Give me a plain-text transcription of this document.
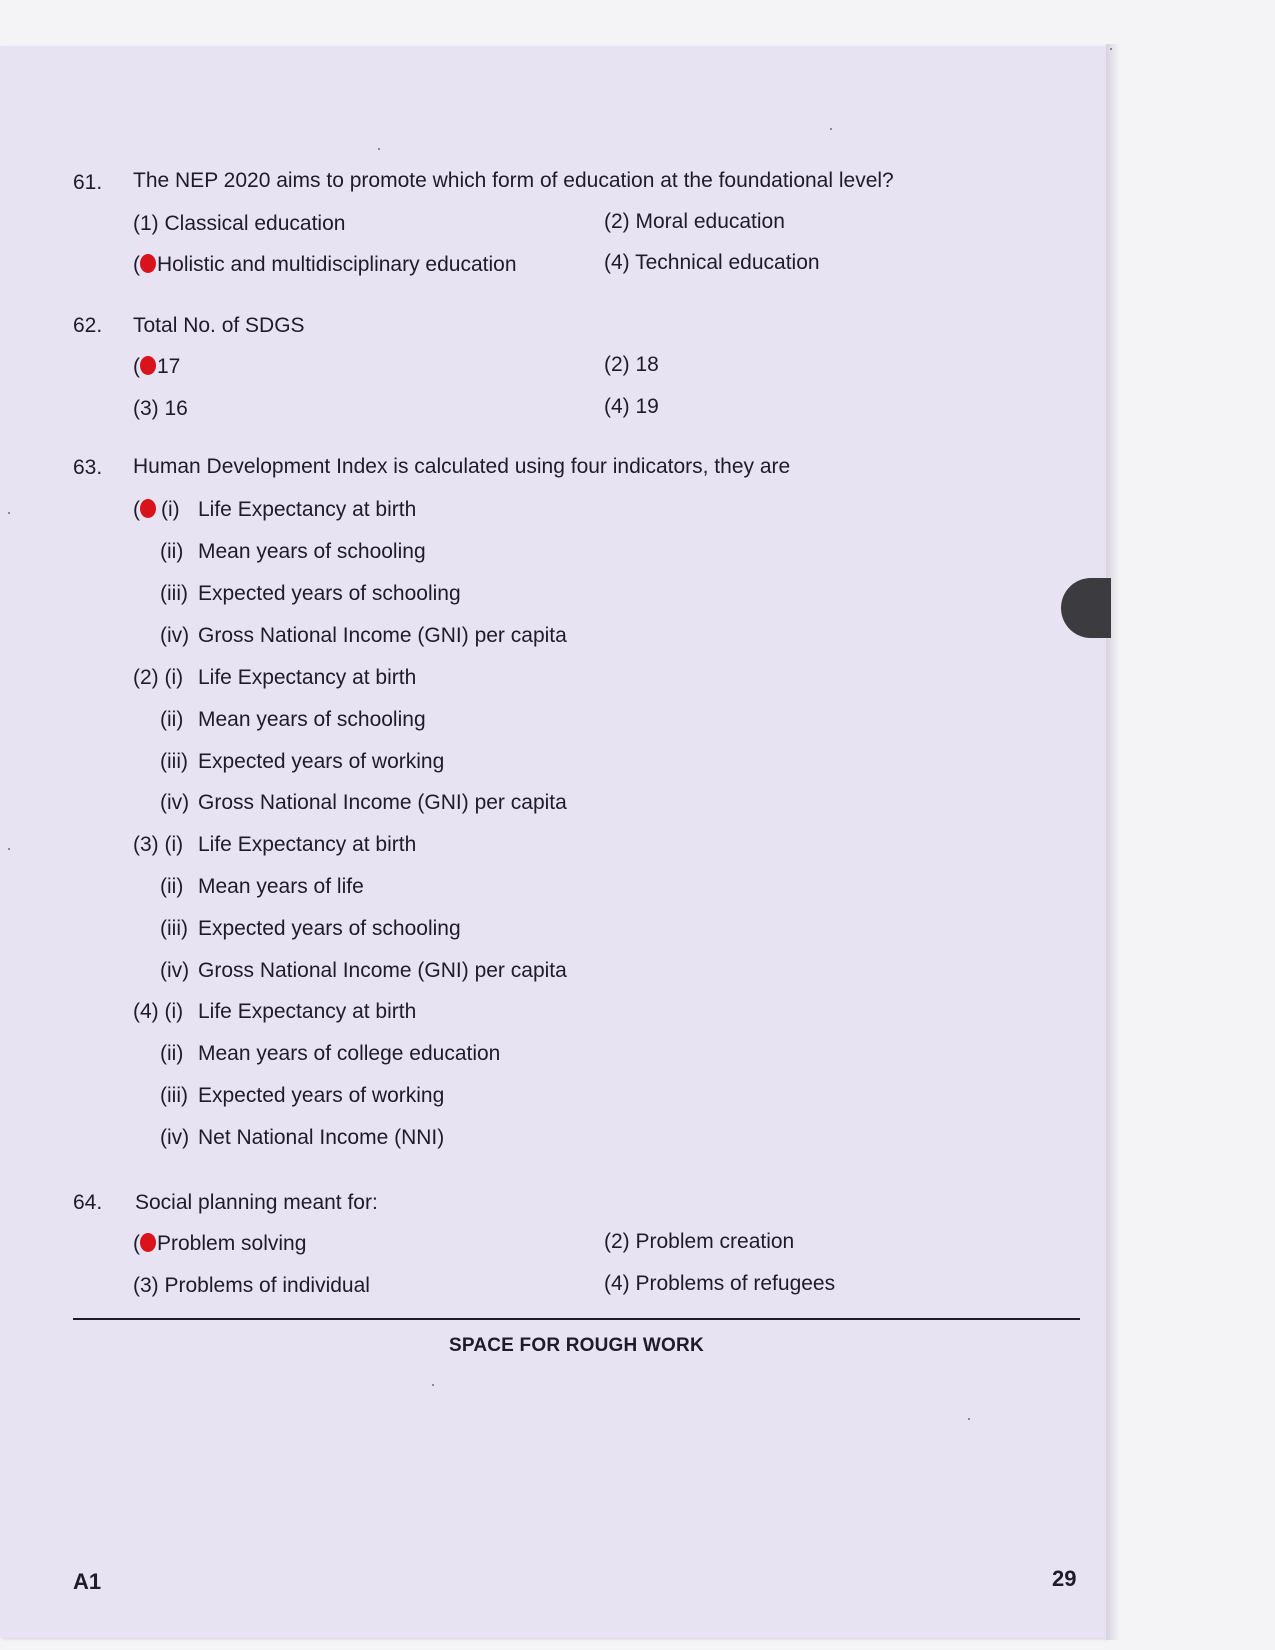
61. The NEP 2020 aims to promote which form of education at the foundational level?
(1) Classical education	(2) Moral education
( Holistic and multidisciplinary education	(4) Technical education
62. Total No. of SDGS
( 17	(2) 18
(3) 16	(4) 19
63. Human Development Index is calculated using four indicators, they are
( (i) Life Expectancy at birth
(ii) Mean years of schooling
(iii) Expected years of schooling
(iv) Gross National Income (GNI) per capita
(2) (i) Life Expectancy at birth
(ii) Mean years of schooling
(iii) Expected years of working
(iv) Gross National Income (GNI) per capita
(3) (i) Life Expectancy at birth
(ii) Mean years of life
(iii) Expected years of schooling
(iv) Gross National Income (GNI) per capita
(4) (i) Life Expectancy at birth
(ii) Mean years of college education
(iii) Expected years of working
(iv) Net National Income (NNI)
64. Social planning meant for:
( Problem solving	(2) Problem creation
(3) Problems of individual	(4) Problems of refugees
SPACE FOR ROUGH WORK
A1	29
